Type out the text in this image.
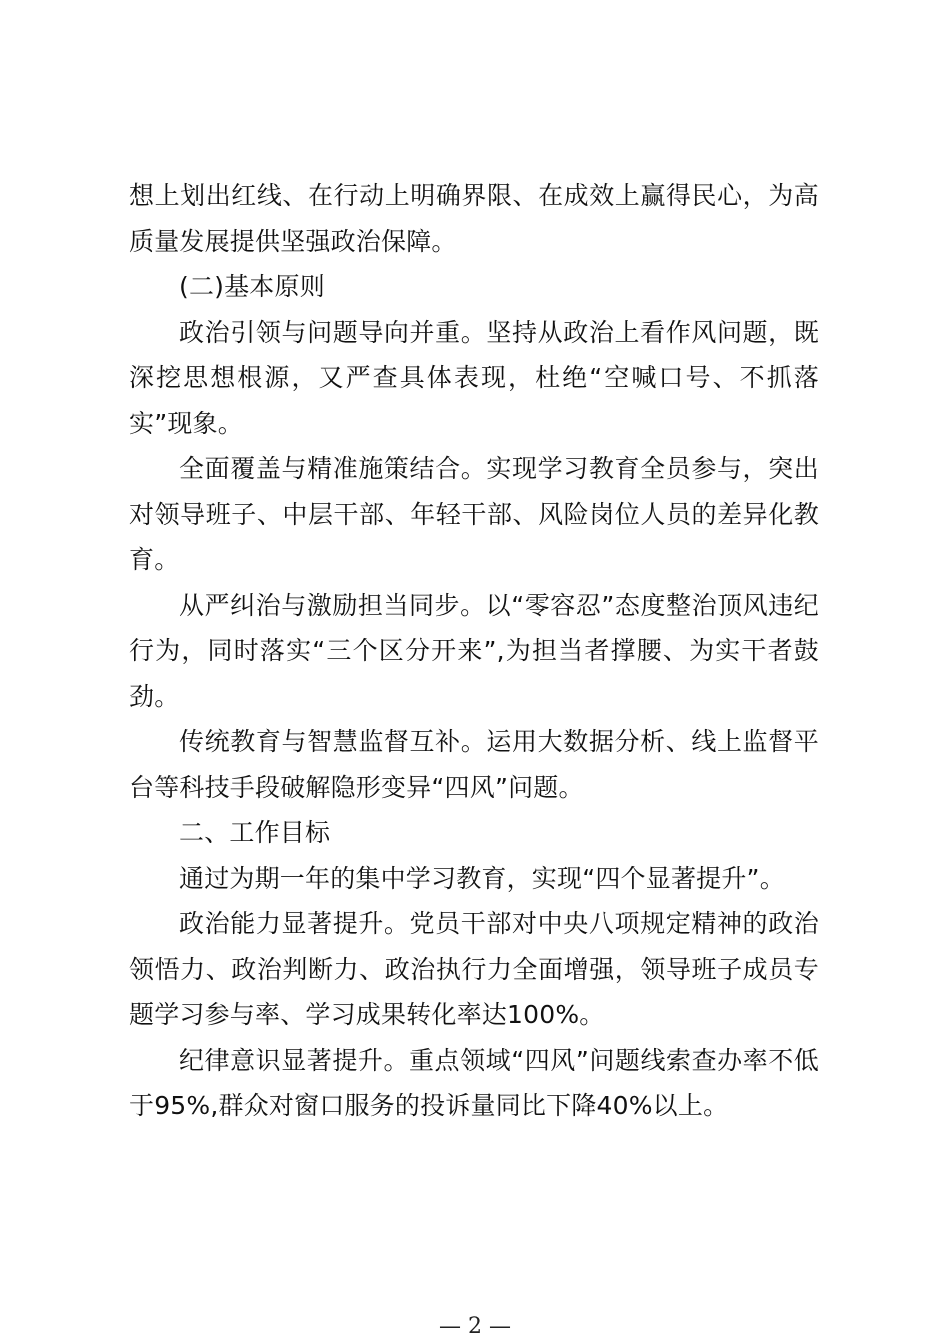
想上划出红线、在行动上明确界限、在成效上赢得民心，为高质量发展提供坚强政治保障。

(二)基本原则

政治引领与问题导向并重。坚持从政治上看作风问题，既深挖思想根源，又严查具体表现，杜绝“空喊口号、不抓落实”现象。

全面覆盖与精准施策结合。实现学习教育全员参与，突出对领导班子、中层干部、年轻干部、风险岗位人员的差异化教育。

从严纠治与激励担当同步。以“零容忍”态度整治顶风违纪行为，同时落实“三个区分开来”,为担当者撑腰、为实干者鼓劲。

传统教育与智慧监督互补。运用大数据分析、线上监督平台等科技手段破解隐形变异“四风”问题。

二、工作目标

通过为期一年的集中学习教育，实现“四个显著提升”。

政治能力显著提升。党员干部对中央八项规定精神的政治领悟力、政治判断力、政治执行力全面增强，领导班子成员专题学习参与率、学习成果转化率达100%。

纪律意识显著提升。重点领域“四风”问题线索查办率不低于95%,群众对窗口服务的投诉量同比下降40%以上。

— 2 —
